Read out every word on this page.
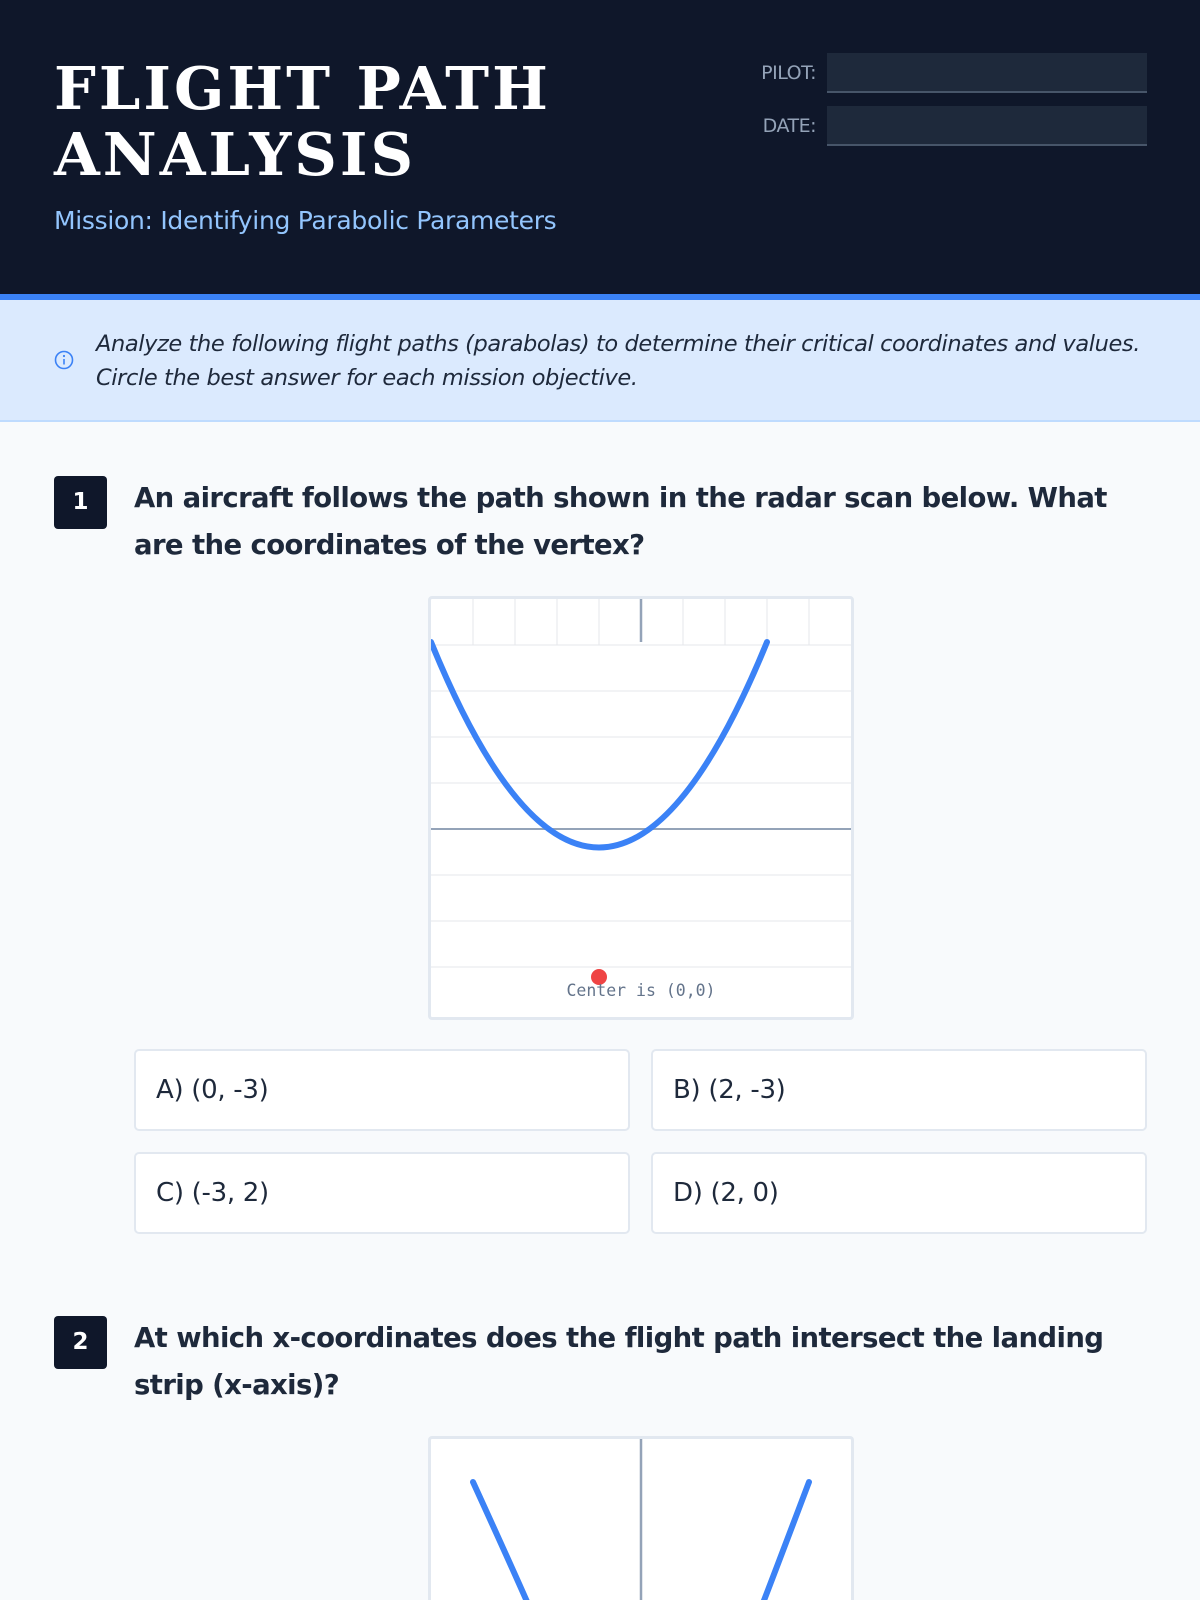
FLIGHT PATH ANALYSIS
Mission: Identifying Parabolic Parameters
PILOT:
DATE:

Analyze the following flight paths (parabolas) to determine their critical coordinates and values. Circle the best answer for each mission objective.

1	An aircraft follows the path shown in the radar scan below. What are the coordinates of the vertex?

Center is (0,0)
A) (0, -3)	B) (2, -3)
C) (-3, 2)	D) (2, 0)
2	At which x-coordinates does the flight path intersect the landing strip (x-axis)?
